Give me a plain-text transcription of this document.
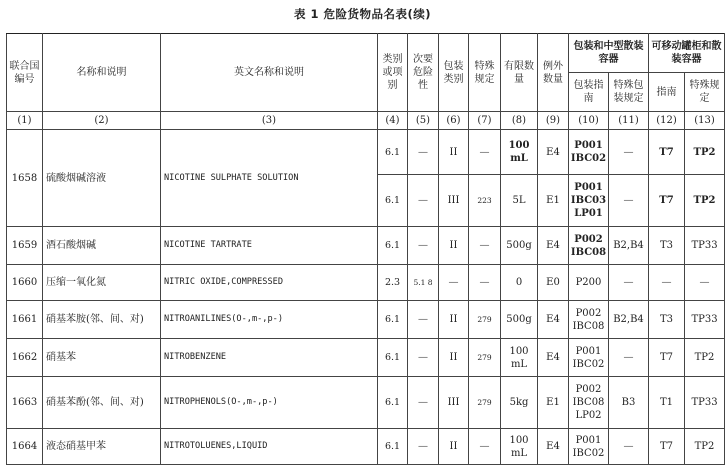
表 1 危险货物品名表(续)
联合国编号	名称和说明	英文名称和说明	类别或项别	次要危险性	包装类别	特殊规定	有限数量	例外数量	包装和中型散装容器		可移动罐柜和散装容器	
									包装指南	特殊包装规定	指南	特殊规定
(1)	(2)	(3)	(4)	(5)	(6)	(7)	(8)	(9)	(10)	(11)	(12)	(13)
1658	硫酸烟碱溶液	NICOTINE SULPHATE SOLUTION	6.1	—	II	—	100 mL	E4	P001 IBC02	—	T7	TP2
			6.1	—	III	223	5L	E1	P001 IBC03 LP01	—	T7	TP2
1659	酒石酸烟碱	NICOTINE TARTRATE	6.1	—	II	—	500g	E4	P002 IBC08	B2,B4	T3	TP33
1660	压缩一氧化氮	NITRIC OXIDE,COMPRESSED	2.3	5.1 8	—	—	0	E0	P200	—	—	—
1661	硝基苯胺(邻、间、对)	NITROANILINES(O-,m-,p-)	6.1	—	II	279	500g	E4	P002 IBC08	B2,B4	T3	TP33
1662	硝基苯	NITROBENZENE	6.1	—	II	279	100 mL	E4	P001 IBC02	—	T7	TP2
1663	硝基苯酚(邻、间、对)	NITROPHENOLS(O-,m-,p-)	6.1	—	III	279	5kg	E1	P002 IBC08 LP02	B3	T1	TP33
1664	液态硝基甲苯	NITROTOLUENES,LIQUID	6.1	—	II	—	100 mL	E4	P001 IBC02	—	T7	TP2
